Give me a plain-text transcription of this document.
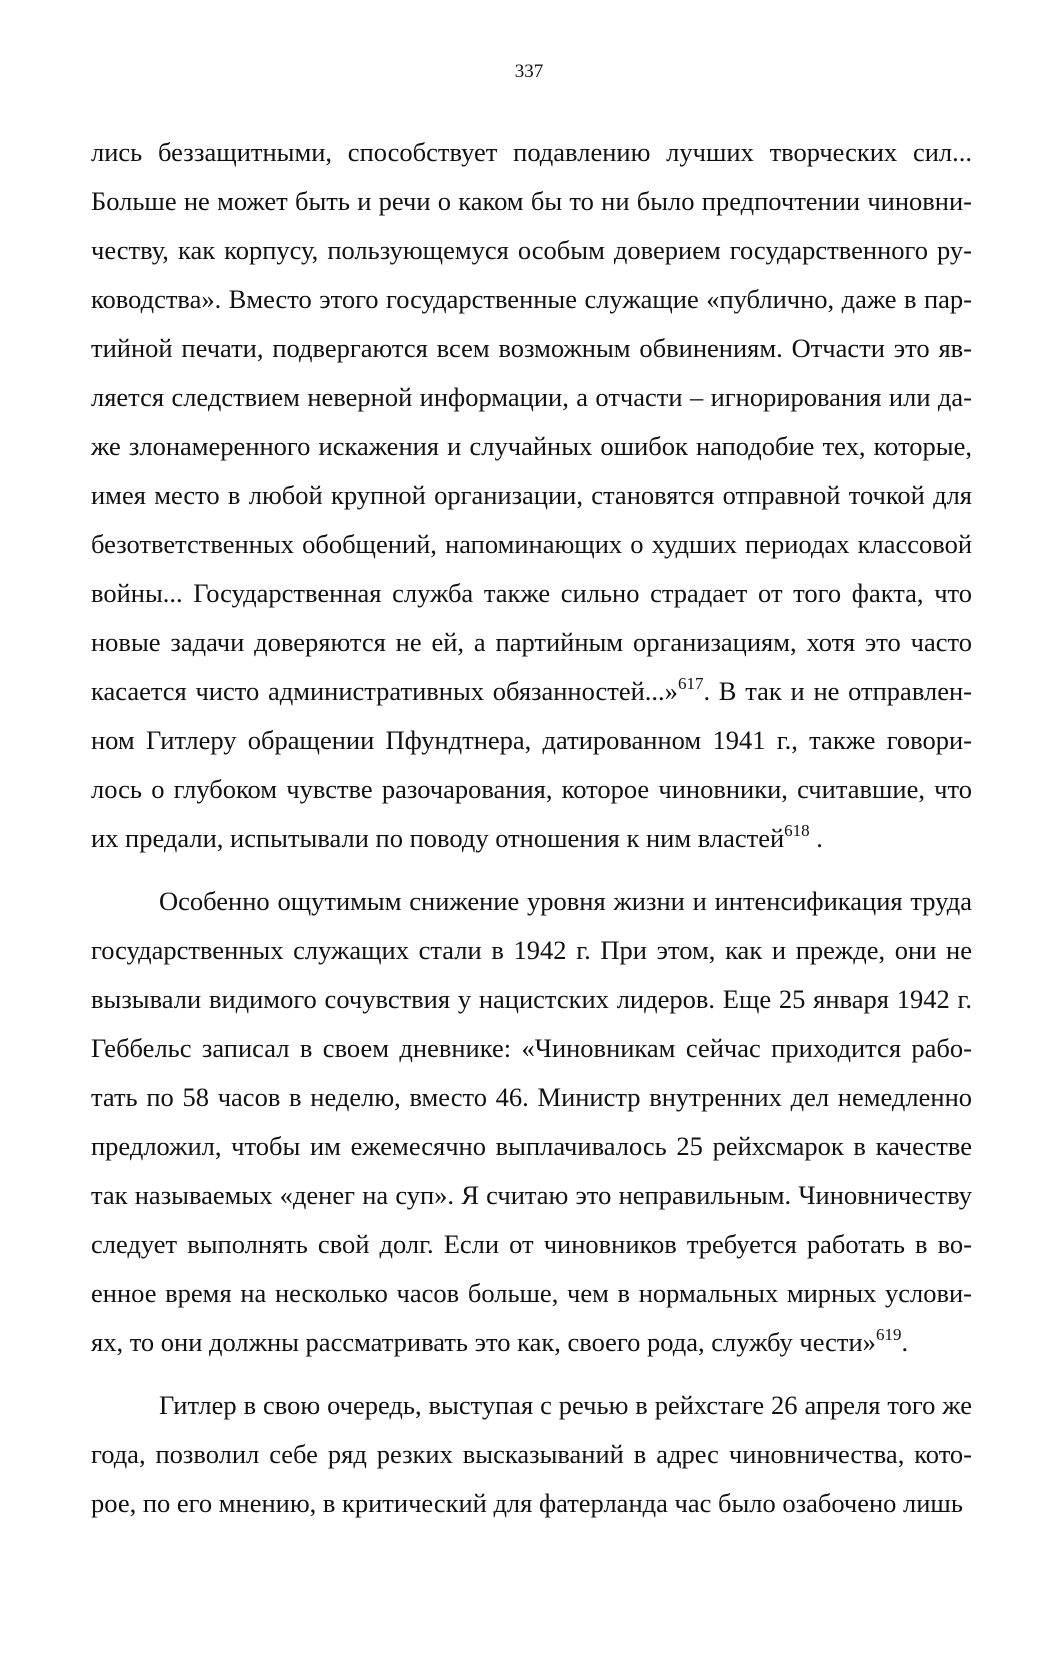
337
лись беззащитными, способствует подавлению лучших творческих сил...
Больше не может быть и речи о каком бы то ни было предпочтении чиновни-
честву, как корпусу, пользующемуся особым доверием государственного ру-
ководства». Вместо этого государственные служащие «публично, даже в пар-
тийной печати, подвергаются всем возможным обвинениям. Отчасти это яв-
ляется следствием неверной информации, а отчасти – игнорирования или да-
же злонамеренного искажения и случайных ошибок наподобие тех, которые,
имея место в любой крупной организации, становятся отправной точкой для
безответственных обобщений, напоминающих о худших периодах классовой
войны... Государственная служба также сильно страдает от того факта, что
новые задачи доверяются не ей, а партийным организациям, хотя это часто
касается чисто административных обязанностей...»$^{617}$. В так и не отправлен-
ном Гитлеру обращении Пфундтнера, датированном 1941 г., также говори-
лось о глубоком чувстве разочарования, которое чиновники, считавшие, что
их предали, испытывали по поводу отношения к ним властей$^{618}$ .
Особенно ощутимым снижение уровня жизни и интенсификация труда
государственных служащих стали в 1942 г. При этом, как и прежде, они не
вызывали видимого сочувствия у нацистских лидеров. Еще 25 января 1942 г.
Геббельс записал в своем дневнике: «Чиновникам сейчас приходится рабо-
тать по 58 часов в неделю, вместо 46. Министр внутренних дел немедленно
предложил, чтобы им ежемесячно выплачивалось 25 рейхсмарок в качестве
так называемых «денег на суп». Я считаю это неправильным. Чиновничеству
следует выполнять свой долг. Если от чиновников требуется работать в во-
енное время на несколько часов больше, чем в нормальных мирных услови-
ях, то они должны рассматривать это как, своего рода, службу чести»$^{619}$.
Гитлер в свою очередь, выступая с речью в рейхстаге 26 апреля того же
года, позволил себе ряд резких высказываний в адрес чиновничества, кото-
рое, по его мнению, в критический для фатерланда час было озабочено лишь
